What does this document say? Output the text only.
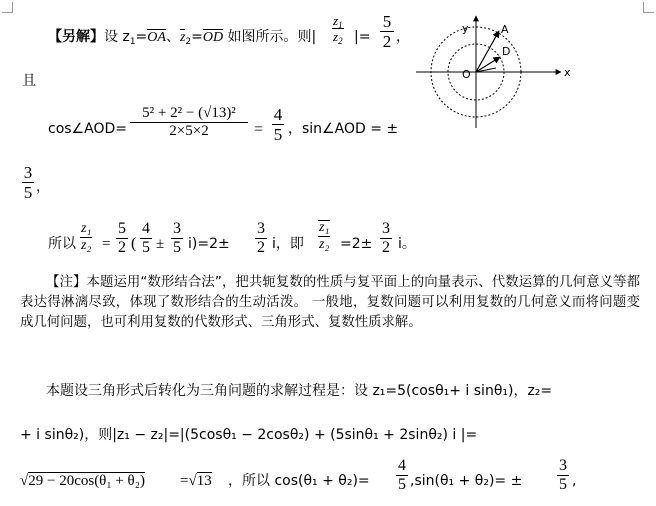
【另解】设 $z_1=OA$、$z_2=OD$ 如图所示。则|
$z_1$
$z_2$ |=
5
2 ，
且
cos∠AOD=
5² + 2² − (√13)²
2×5×2	=
4
5 ，sin∠AOD = ±
3
5 ，
所以
z₁
z₂ =
5
2 (
4
5 ±
3
5 i)=2±
3
2 i，即
z₁
z₂ =2±
3
2 i。
【注】本题运用“数形结合法”，把共轭复数的性质与复平面上的向量表示、代数运算的几何意义等都表达得淋漓尽致，体现了数形结合的生动活泼。 一般地，复数问题可以利用复数的几何意义而将问题变成几何问题，也可利用复数的代数形式、三角形式、复数性质求解。
本题设三角形式后转化为三角问题的求解过程是：设 z₁=5(cosθ₁+ i sinθ₁)，z₂=
+ i sinθ₂)，则|z₁ − z₂|=|(5cosθ₁ − 2cosθ₂) + (5sinθ₁ + 2sinθ₂) i |=
√29 − 20cos(θ₁ + θ₂) =√13 ，所以 cos(θ₁ + θ₂)=
4
5 ,sin(θ₁ + θ₂)= ±
3
5 ,
x
y
O
A
D
